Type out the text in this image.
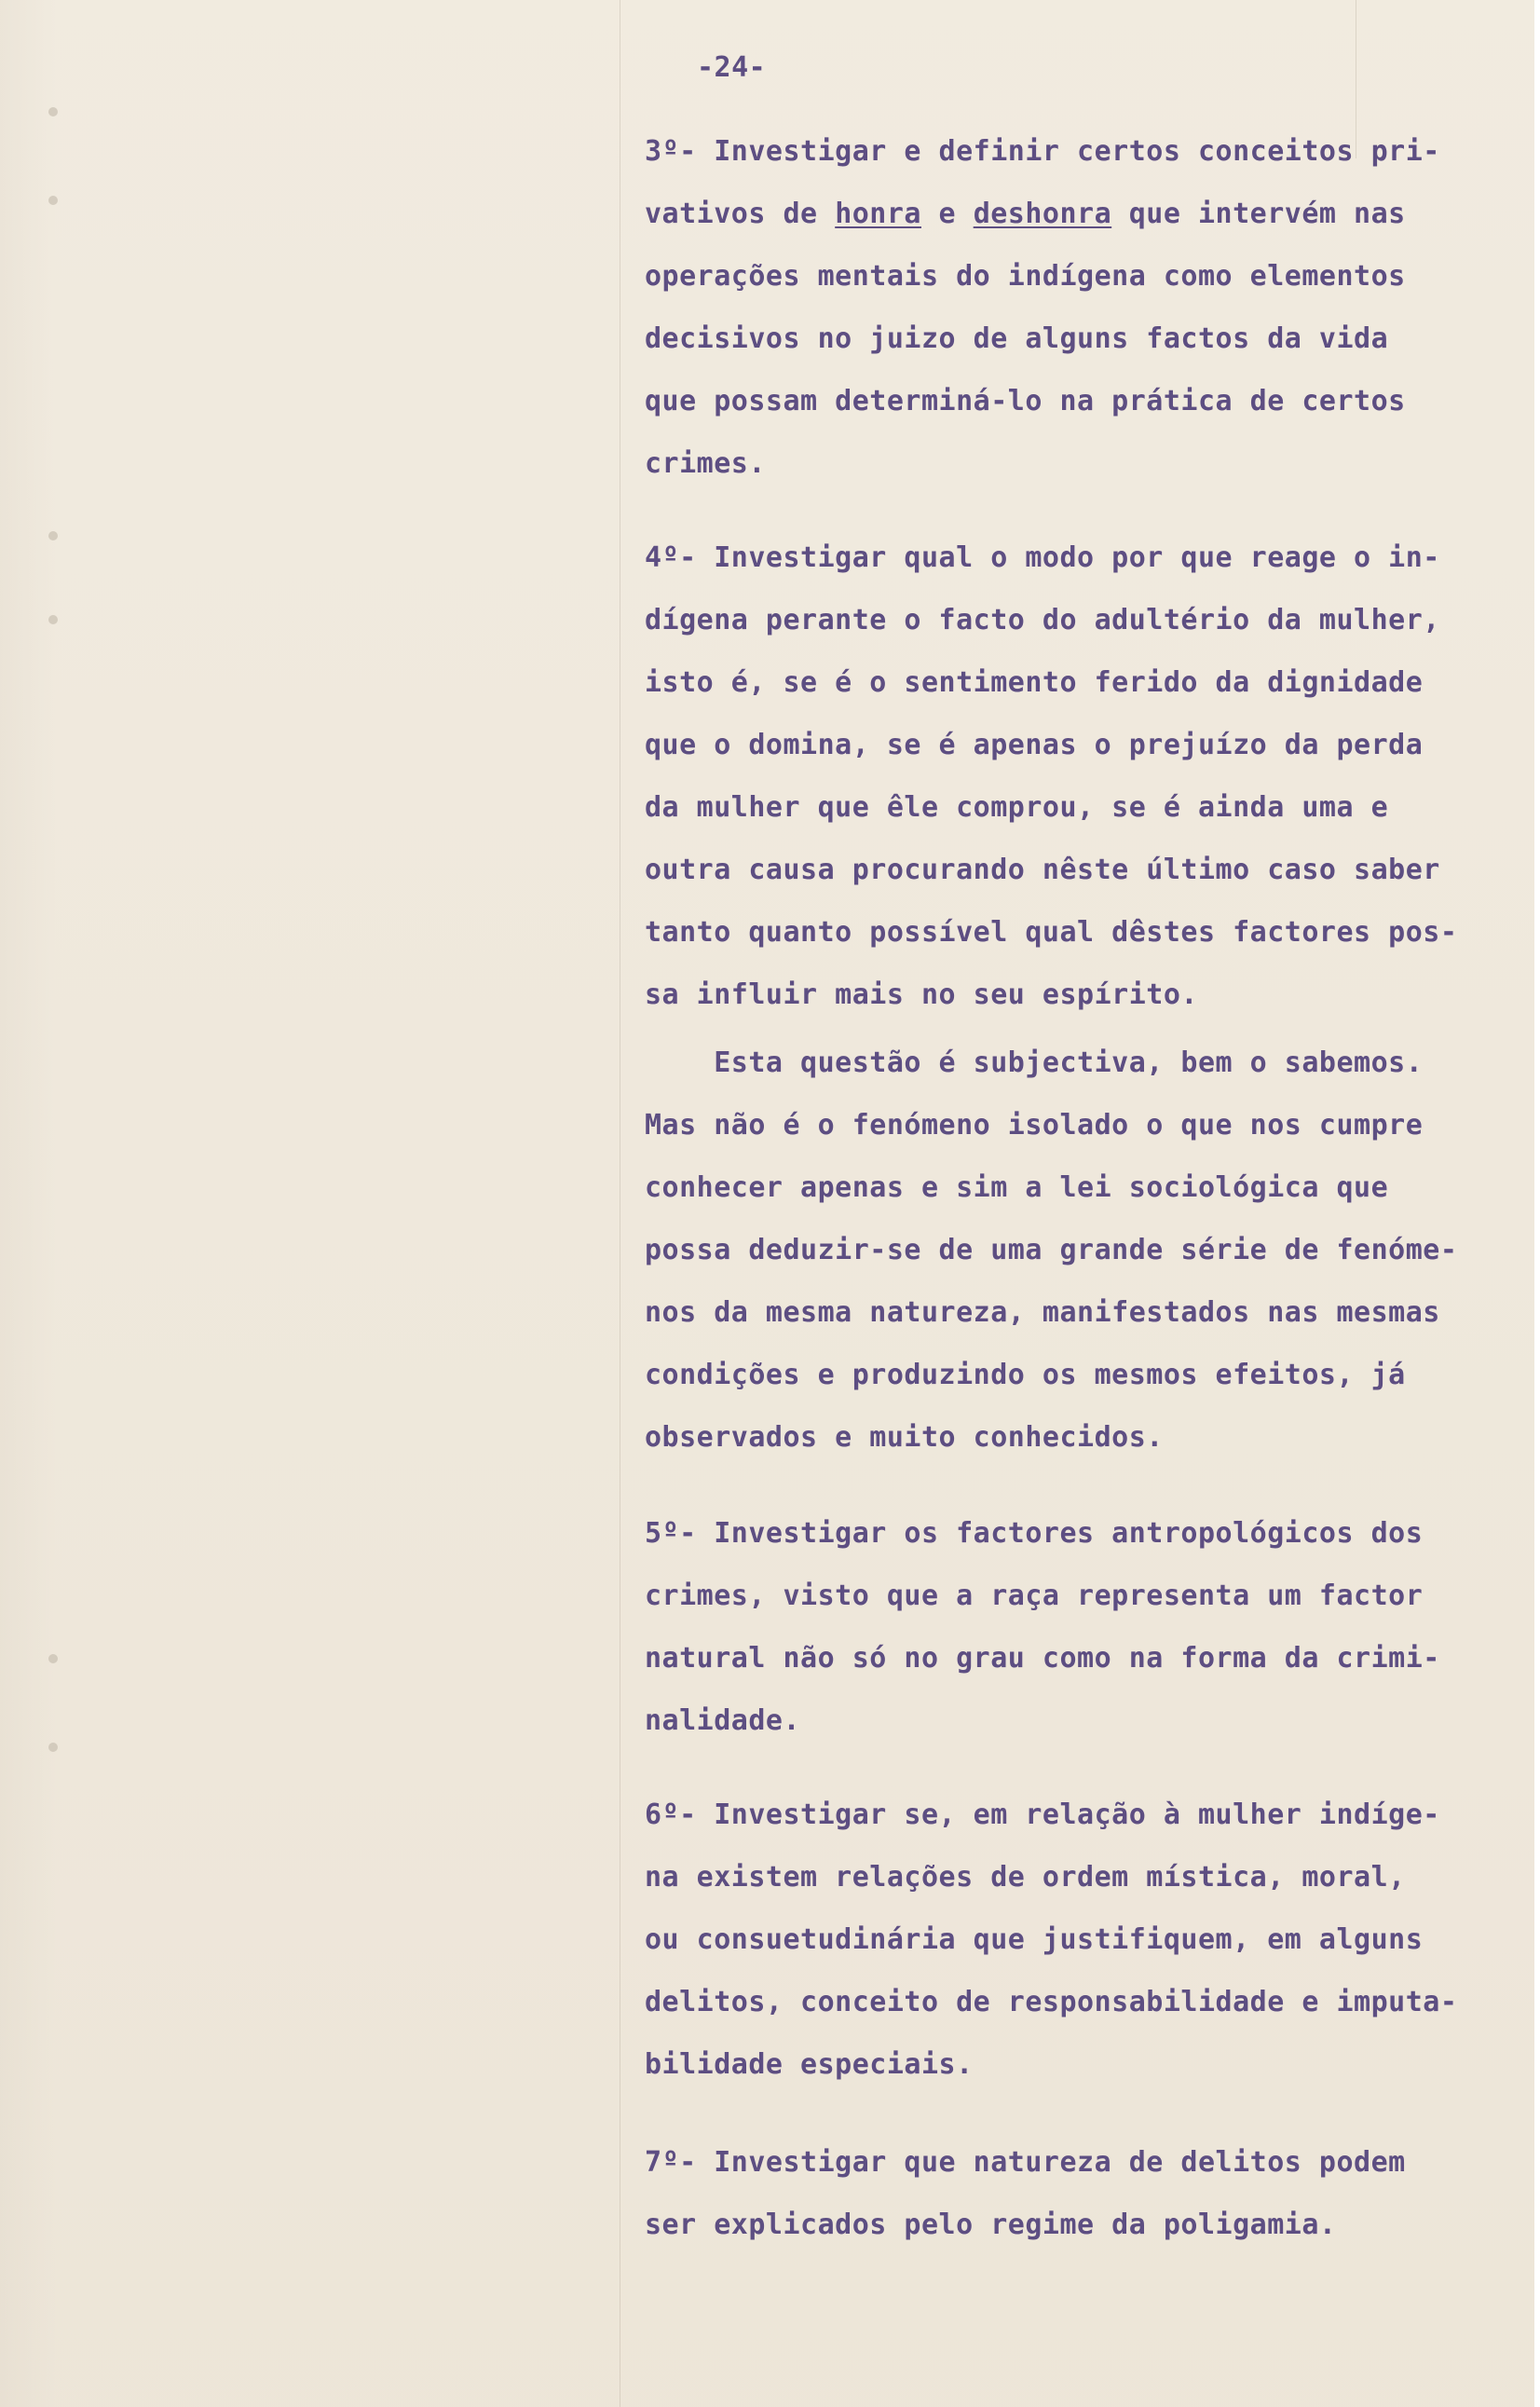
-24-
3º- Investigar e definir certos conceitos pri-
vativos de honra e deshonra que intervém nas
operações mentais do indígena como elementos
decisivos no juizo de alguns factos da vida
que possam determiná-lo na prática de certos
crimes.
4º- Investigar qual o modo por que reage o in-
dígena perante o facto do adultério da mulher,
isto é, se é o sentimento ferido da dignidade
que o domina, se é apenas o prejuízo da perda
da mulher que êle comprou, se é ainda uma e
outra causa procurando nêste último caso saber
tanto quanto possível qual dêstes factores pos-
sa influir mais no seu espírito.
Esta questão é subjectiva, bem o sabemos.
Mas não é o fenómeno isolado o que nos cumpre
conhecer apenas e sim a lei sociológica que
possa deduzir-se de uma grande série de fenóme-
nos da mesma natureza, manifestados nas mesmas
condições e produzindo os mesmos efeitos, já
observados e muito conhecidos.
5º- Investigar os factores antropológicos dos
crimes, visto que a raça representa um factor
natural não só no grau como na forma da crimi-
nalidade.
6º- Investigar se, em relação à mulher indíge-
na existem relações de ordem mística, moral,
ou consuetudinária que justifiquem, em alguns
delitos, conceito de responsabilidade e imputa-
bilidade especiais.
7º- Investigar que natureza de delitos podem
ser explicados pelo regime da poligamia.
